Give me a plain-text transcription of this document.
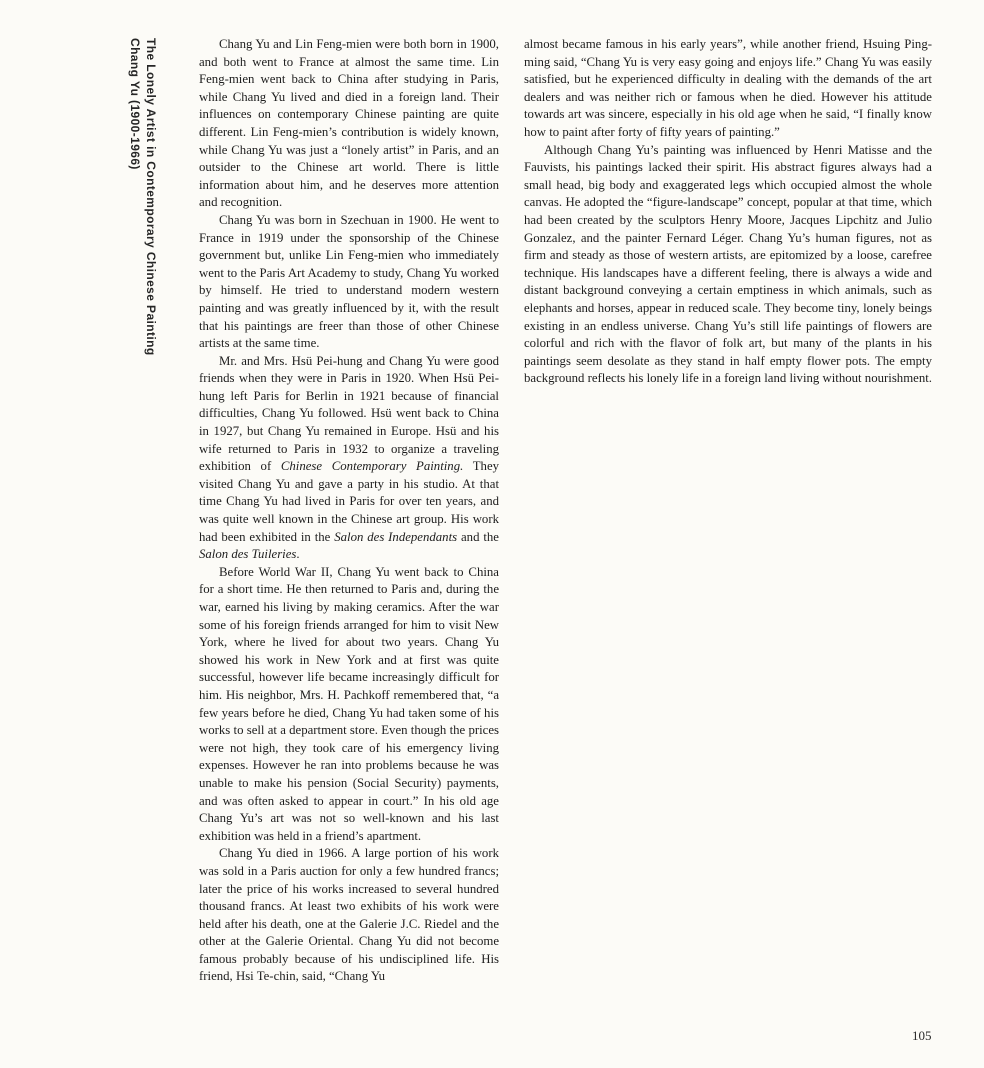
Chang Yu (1900-1966) The Lonely Artist in Contemporary Chinese Painting	Chang Yu and Lin Feng-mien were both born in 1900, and both went to France at almost the same time. Lin Feng-mien went back to China after studying in Paris, while Chang Yu lived and died in a foreign land. Their influences on contemporary Chinese painting are quite different. Lin Feng-mien’s contribution is widely known, while Chang Yu was just a “lonely artist” in Paris, and an outsider to the Chinese art world. There is little information about him, and he deserves more attention and recognition.

Chang Yu was born in Szechuan in 1900. He went to France in 1919 under the sponsorship of the Chinese government but, unlike Lin Feng-mien who immediately went to the Paris Art Academy to study, Chang Yu worked by himself. He tried to understand modern western painting and was greatly influenced by it, with the result that his paintings are freer than those of other Chinese artists at the same time.

Mr. and Mrs. Hsü Pei-hung and Chang Yu were good friends when they were in Paris in 1920. When Hsü Pei-hung left Paris for Berlin in 1921 because of financial difficulties, Chang Yu followed. Hsü went back to China in 1927, but Chang Yu remained in Europe. Hsü and his wife returned to Paris in 1932 to organize a traveling exhibition of Chinese Contemporary Painting. They visited Chang Yu and gave a party in his studio. At that time Chang Yu had lived in Paris for over ten years, and was quite well known in the Chinese art group. His work had been exhibited in the Salon des Independants and the Salon des Tuileries.

Before World War II, Chang Yu went back to China for a short time. He then returned to Paris and, during the war, earned his living by making ceramics. After the war some of his foreign friends arranged for him to visit New York, where he lived for about two years. Chang Yu showed his work in New York and at first was quite successful, however life became increasingly difficult for him. His neighbor, Mrs. H. Pachkoff remembered that, “a few years before he died, Chang Yu had taken some of his works to sell at a department store. Even though the prices were not high, they took care of his emergency living expenses. However he ran into problems because he was unable to make his pension (Social Security) payments, and was often asked to appear in court.” In his old age Chang Yu’s art was not so well-known and his last exhibition was held in a friend’s apartment.

Chang Yu died in 1966. A large portion of his work was sold in a Paris auction for only a few hundred francs; later the price of his works increased to several hundred thousand francs. At least two exhibits of his work were held after his death, one at the Galerie J.C. Riedel and the other at the Galerie Oriental. Chang Yu did not become famous probably because of his undisciplined life. His friend, Hsi Te-chin, said, “Chang Yu

almost became famous in his early years”, while another friend, Hsuing Ping-ming said, “Chang Yu is very easy going and enjoys life.” Chang Yu was easily satisfied, but he experienced difficulty in dealing with the demands of the art dealers and was neither rich or famous when he died. However his attitude towards art was sincere, especially in his old age when he said, “I finally know how to paint after forty of fifty years of painting.”

Although Chang Yu’s painting was influenced by Henri Matisse and the Fauvists, his paintings lacked their spirit. His abstract figures always had a small head, big body and exaggerated legs which occupied almost the whole canvas. He adopted the “figure-landscape” concept, popular at that time, which had been created by the sculptors Henry Moore, Jacques Lipchitz and Julio Gonzalez, and the painter Fernard Léger. Chang Yu’s human figures, not as firm and steady as those of western artists, are epitomized by a loose, carefree technique. His landscapes have a different feeling, there is always a wide and distant background conveying a certain emptiness in which animals, such as elephants and horses, appear in reduced scale. They become tiny, lonely beings existing in an endless universe. Chang Yu’s still life paintings of flowers are colorful and rich with the flavor of folk art, but many of the plants in his paintings seem desolate as they stand in half empty flower pots. The empty background reflects his lonely life in a foreign land living without nourishment.

105
